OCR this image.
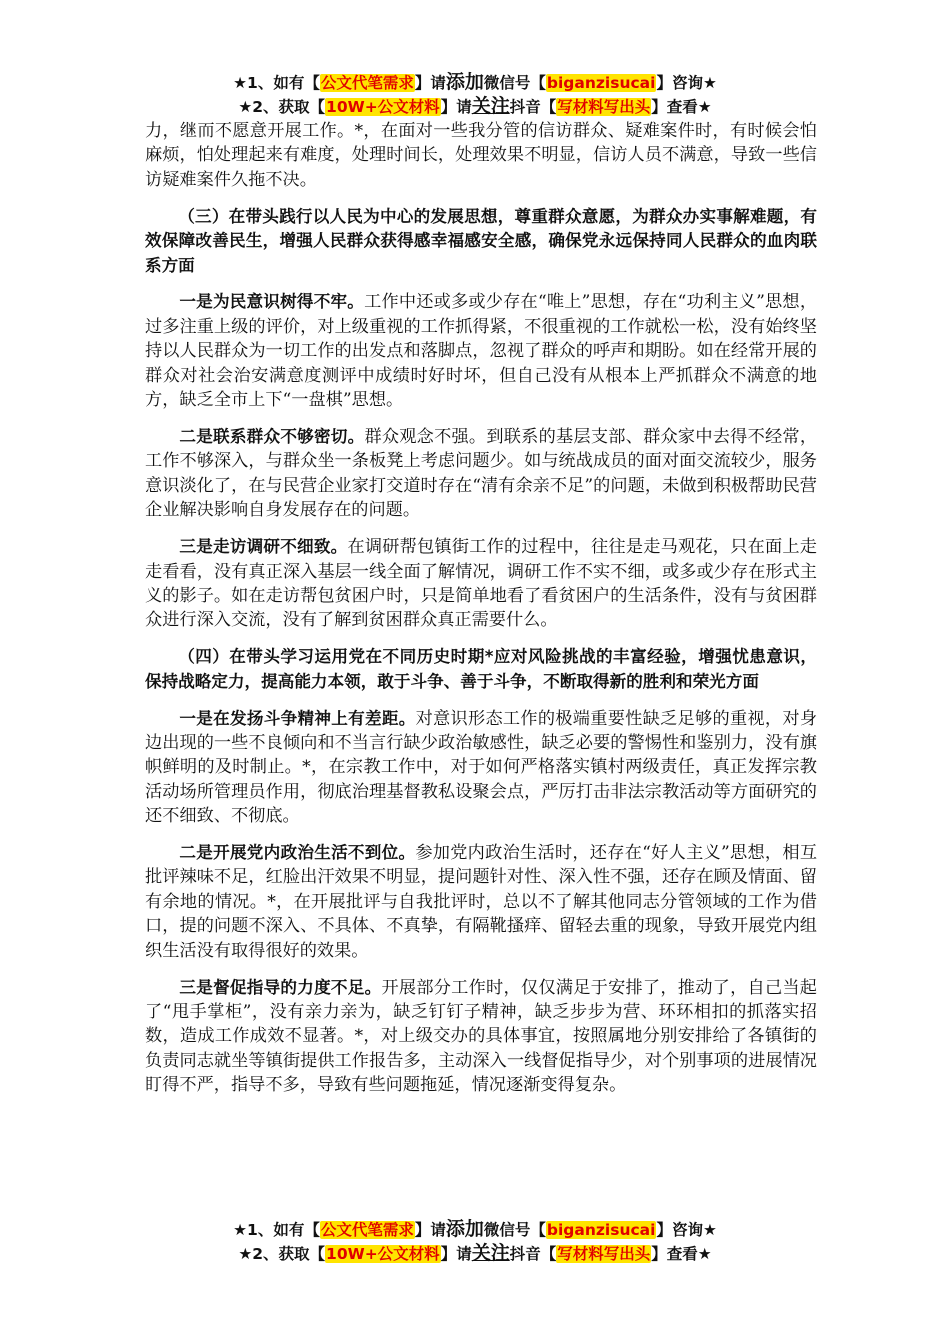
★1、如有【公文代笔需求】请添加微信号【biganzisucai】咨询★
★2、获取【10W+公文材料】请关注抖音【写材料写出头】查看★

力，继而不愿意开展工作。*，在面对一些我分管的信访群众、疑难案件时，有时候会怕麻烦，怕处理起来有难度，处理时间长，处理效果不明显，信访人员不满意，导致一些信访疑难案件久拖不决。

（三）在带头践行以人民为中心的发展思想，尊重群众意愿，为群众办实事解难题，有效保障改善民生，增强人民群众获得感幸福感安全感，确保党永远保持同人民群众的血肉联系方面

一是为民意识树得不牢。工作中还或多或少存在“唯上”思想，存在“功利主义”思想，过多注重上级的评价，对上级重视的工作抓得紧，不很重视的工作就松一松，没有始终坚持以人民群众为一切工作的出发点和落脚点，忽视了群众的呼声和期盼。如在经常开展的群众对社会治安满意度测评中成绩时好时坏，但自己没有从根本上严抓群众不满意的地方，缺乏全市上下“一盘棋”思想。

二是联系群众不够密切。群众观念不强。到联系的基层支部、群众家中去得不经常，工作不够深入，与群众坐一条板凳上考虑问题少。如与统战成员的面对面交流较少，服务意识淡化了，在与民营企业家打交道时存在“清有余亲不足”的问题，未做到积极帮助民营企业解决影响自身发展存在的问题。

三是走访调研不细致。在调研帮包镇街工作的过程中，往往是走马观花，只在面上走走看看，没有真正深入基层一线全面了解情况，调研工作不实不细，或多或少存在形式主义的影子。如在走访帮包贫困户时，只是简单地看了看贫困户的生活条件，没有与贫困群众进行深入交流，没有了解到贫困群众真正需要什么。

（四）在带头学习运用党在不同历史时期*应对风险挑战的丰富经验，增强忧患意识，保持战略定力，提高能力本领，敢于斗争、善于斗争，不断取得新的胜利和荣光方面

一是在发扬斗争精神上有差距。对意识形态工作的极端重要性缺乏足够的重视，对身边出现的一些不良倾向和不当言行缺少政治敏感性，缺乏必要的警惕性和鉴别力，没有旗帜鲜明的及时制止。*，在宗教工作中，对于如何严格落实镇村两级责任，真正发挥宗教活动场所管理员作用，彻底治理基督教私设聚会点，严厉打击非法宗教活动等方面研究的还不细致、不彻底。

二是开展党内政治生活不到位。参加党内政治生活时，还存在“好人主义”思想，相互批评辣味不足，红脸出汗效果不明显，提问题针对性、深入性不强，还存在顾及情面、留有余地的情况。*，在开展批评与自我批评时，总以不了解其他同志分管领域的工作为借口，提的问题不深入、不具体、不真挚，有隔靴搔痒、留轻去重的现象，导致开展党内组织生活没有取得很好的效果。

三是督促指导的力度不足。开展部分工作时，仅仅满足于安排了，推动了，自己当起了“甩手掌柜”，没有亲力亲为，缺乏钉钉子精神，缺乏步步为营、环环相扣的抓落实招数，造成工作成效不显著。*，对上级交办的具体事宜，按照属地分别安排给了各镇街的负责同志就坐等镇街提供工作报告多，主动深入一线督促指导少，对个别事项的进展情况盯得不严，指导不多，导致有些问题拖延，情况逐渐变得复杂。

★1、如有【公文代笔需求】请添加微信号【biganzisucai】咨询★
★2、获取【10W+公文材料】请关注抖音【写材料写出头】查看★
